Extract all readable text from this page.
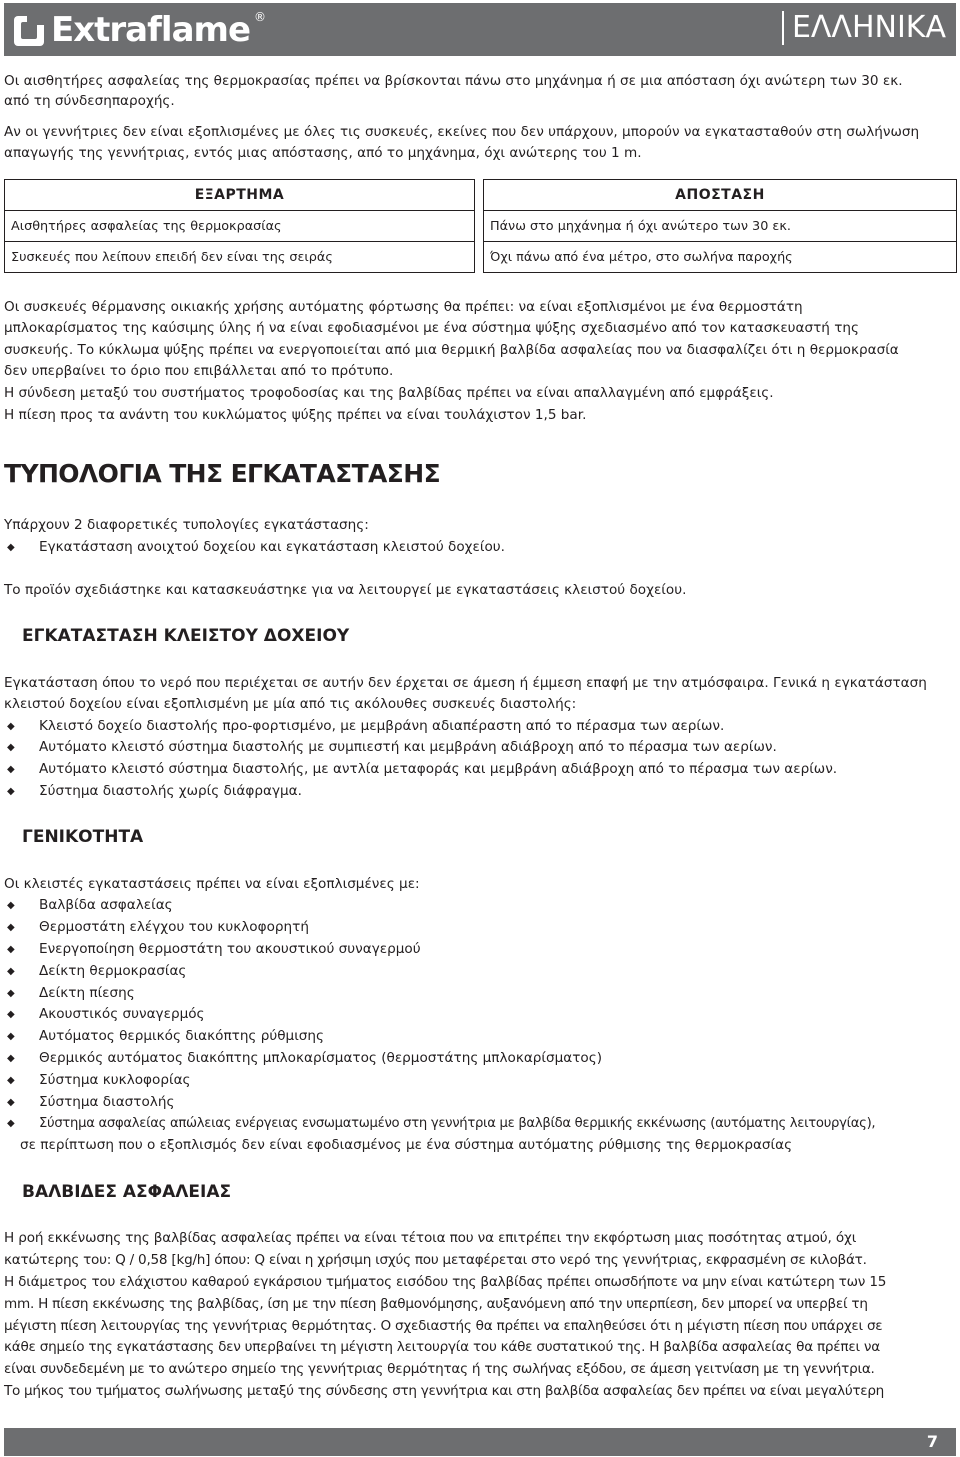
Extraflame ®	ΕΛΛΗΝΙΚΑ
Οι αισθητήρες ασφαλείας της θερμοκρασίας πρέπει να βρίσκονται πάνω στο μηχάνημα ή σε μια απόσταση όχι ανώτερη των 30 εκ.
από τη σύνδεσηπαροχής.
Αν οι γεννήτριες δεν είναι εξοπλισμένες με όλες τις συσκευές, εκείνες που δεν υπάρχουν, μπορούν να εγκατασταθούν στη σωλήνωση
απαγωγής της γεννήτριας, εντός μιας απόστασης, από το μηχάνημα, όχι ανώτερης του 1 m.
ΕΞΑΡΤΗΜΑ		ΑΠΟΣΤΑΣΗ
Αισθητήρες ασφαλείας της θερμοκρασίας		Πάνω στο μηχάνημα ή όχι ανώτερο των 30 εκ.
Συσκευές που λείπουν επειδή δεν είναι της σειράς		Όχι πάνω από ένα μέτρο, στο σωλήνα παροχής
Οι συσκευές θέρμανσης οικιακής χρήσης αυτόματης φόρτωσης θα πρέπει: να είναι εξοπλισμένοι με ένα θερμοστάτη
μπλοκαρίσματος της καύσιμης ύλης ή να είναι εφοδιασμένοι με ένα σύστημα ψύξης σχεδιασμένο από τον κατασκευαστή της
συσκευής. Το κύκλωμα ψύξης πρέπει να ενεργοποιείται από μια θερμική βαλβίδα ασφαλείας που να διασφαλίζει ότι η θερμοκρασία
δεν υπερβαίνει το όριο που επιβάλλεται από το πρότυπο.
Η σύνδεση μεταξύ του συστήματος τροφοδοσίας και της βαλβίδας πρέπει να είναι απαλλαγμένη από εμφράξεις.
Η πίεση προς τα ανάντη του κυκλώματος ψύξης πρέπει να είναι τουλάχιστον 1,5 bar.
ΤΥΠΟΛΟΓΙΑ ΤΗΣ ΕΓΚΑΤΑΣΤΑΣΗΣ
Υπάρχουν 2 διαφορετικές τυπολογίες εγκατάστασης:
◆ Εγκατάσταση ανοιχτού δοχείου και εγκατάσταση κλειστού δοχείου.
Το προϊόν σχεδιάστηκε και κατασκευάστηκε για να λειτουργεί με εγκαταστάσεις κλειστού δοχείου.
ΕΓΚΑΤΑΣΤΑΣΗ ΚΛΕΙΣΤΟΥ ΔΟΧΕΙΟΥ
Εγκατάσταση όπου το νερό που περιέχεται σε αυτήν δεν έρχεται σε άμεση ή έμμεση επαφή με την ατμόσφαιρα. Γενικά η εγκατάσταση
κλειστού δοχείου είναι εξοπλισμένη με μία από τις ακόλουθες συσκευές διαστολής:
◆ Κλειστό δοχείο διαστολής προ-φορτισμένο, με μεμβράνη αδιαπέραστη από το πέρασμα των αερίων.
◆ Αυτόματο κλειστό σύστημα διαστολής με συμπιεστή και μεμβράνη αδιάβροχη από το πέρασμα των αερίων.
◆ Αυτόματο κλειστό σύστημα διαστολής, με αντλία μεταφοράς και μεμβράνη αδιάβροχη από το πέρασμα των αερίων.
◆ Σύστημα διαστολής χωρίς διάφραγμα.
ΓΕΝΙΚΟΤΗΤΑ
Οι κλειστές εγκαταστάσεις πρέπει να είναι εξοπλισμένες με:
◆ Βαλβίδα ασφαλείας
◆ Θερμοστάτη ελέγχου του κυκλοφορητή
◆ Ενεργοποίηση θερμοστάτη του ακουστικού συναγερμού
◆ Δείκτη θερμοκρασίας
◆ Δείκτη πίεσης
◆ Ακουστικός συναγερμός
◆ Αυτόματος θερμικός διακόπτης ρύθμισης
◆ Θερμικός αυτόματος διακόπτης μπλοκαρίσματος (θερμοστάτης μπλοκαρίσματος)
◆ Σύστημα κυκλοφορίας
◆ Σύστημα διαστολής
◆ Σύστημα ασφαλείας απώλειας ενέργειας ενσωματωμένο στη γεννήτρια με βαλβίδα θερμικής εκκένωσης (αυτόματης λειτουργίας),
σε περίπτωση που ο εξοπλισμός δεν είναι εφοδιασμένος με ένα σύστημα αυτόματης ρύθμισης της θερμοκρασίας
ΒΑΛΒΙΔΕΣ ΑΣΦΑΛΕΙΑΣ
Η ροή εκκένωσης της βαλβίδας ασφαλείας πρέπει να είναι τέτοια που να επιτρέπει την εκφόρτωση μιας ποσότητας ατμού, όχι
κατώτερης του: Q / 0,58 [kg/h] όπου: Q είναι η χρήσιμη ισχύς που μεταφέρεται στο νερό της γεννήτριας, εκφρασμένη σε κιλοβάτ.
Η διάμετρος του ελάχιστου καθαρού εγκάρσιου τμήματος εισόδου της βαλβίδας πρέπει οπωσδήποτε να μην είναι κατώτερη των 15
mm. Η πίεση εκκένωσης της βαλβίδας, ίση με την πίεση βαθμονόμησης, αυξανόμενη από την υπερπίεση, δεν μπορεί να υπερβεί τη
μέγιστη πίεση λειτουργίας της γεννήτριας θερμότητας. Ο σχεδιαστής θα πρέπει να επαληθεύσει ότι η μέγιστη πίεση που υπάρχει σε
κάθε σημείο της εγκατάστασης δεν υπερβαίνει τη μέγιστη λειτουργία του κάθε συστατικού της. Η βαλβίδα ασφαλείας θα πρέπει να
είναι συνδεδεμένη με το ανώτερο σημείο της γεννήτριας θερμότητας ή της σωλήνας εξόδου, σε άμεση γειτνίαση με τη γεννήτρια.
Το μήκος του τμήματος σωλήνωσης μεταξύ της σύνδεσης στη γεννήτρια και στη βαλβίδα ασφαλείας δεν πρέπει να είναι μεγαλύτερη
7
